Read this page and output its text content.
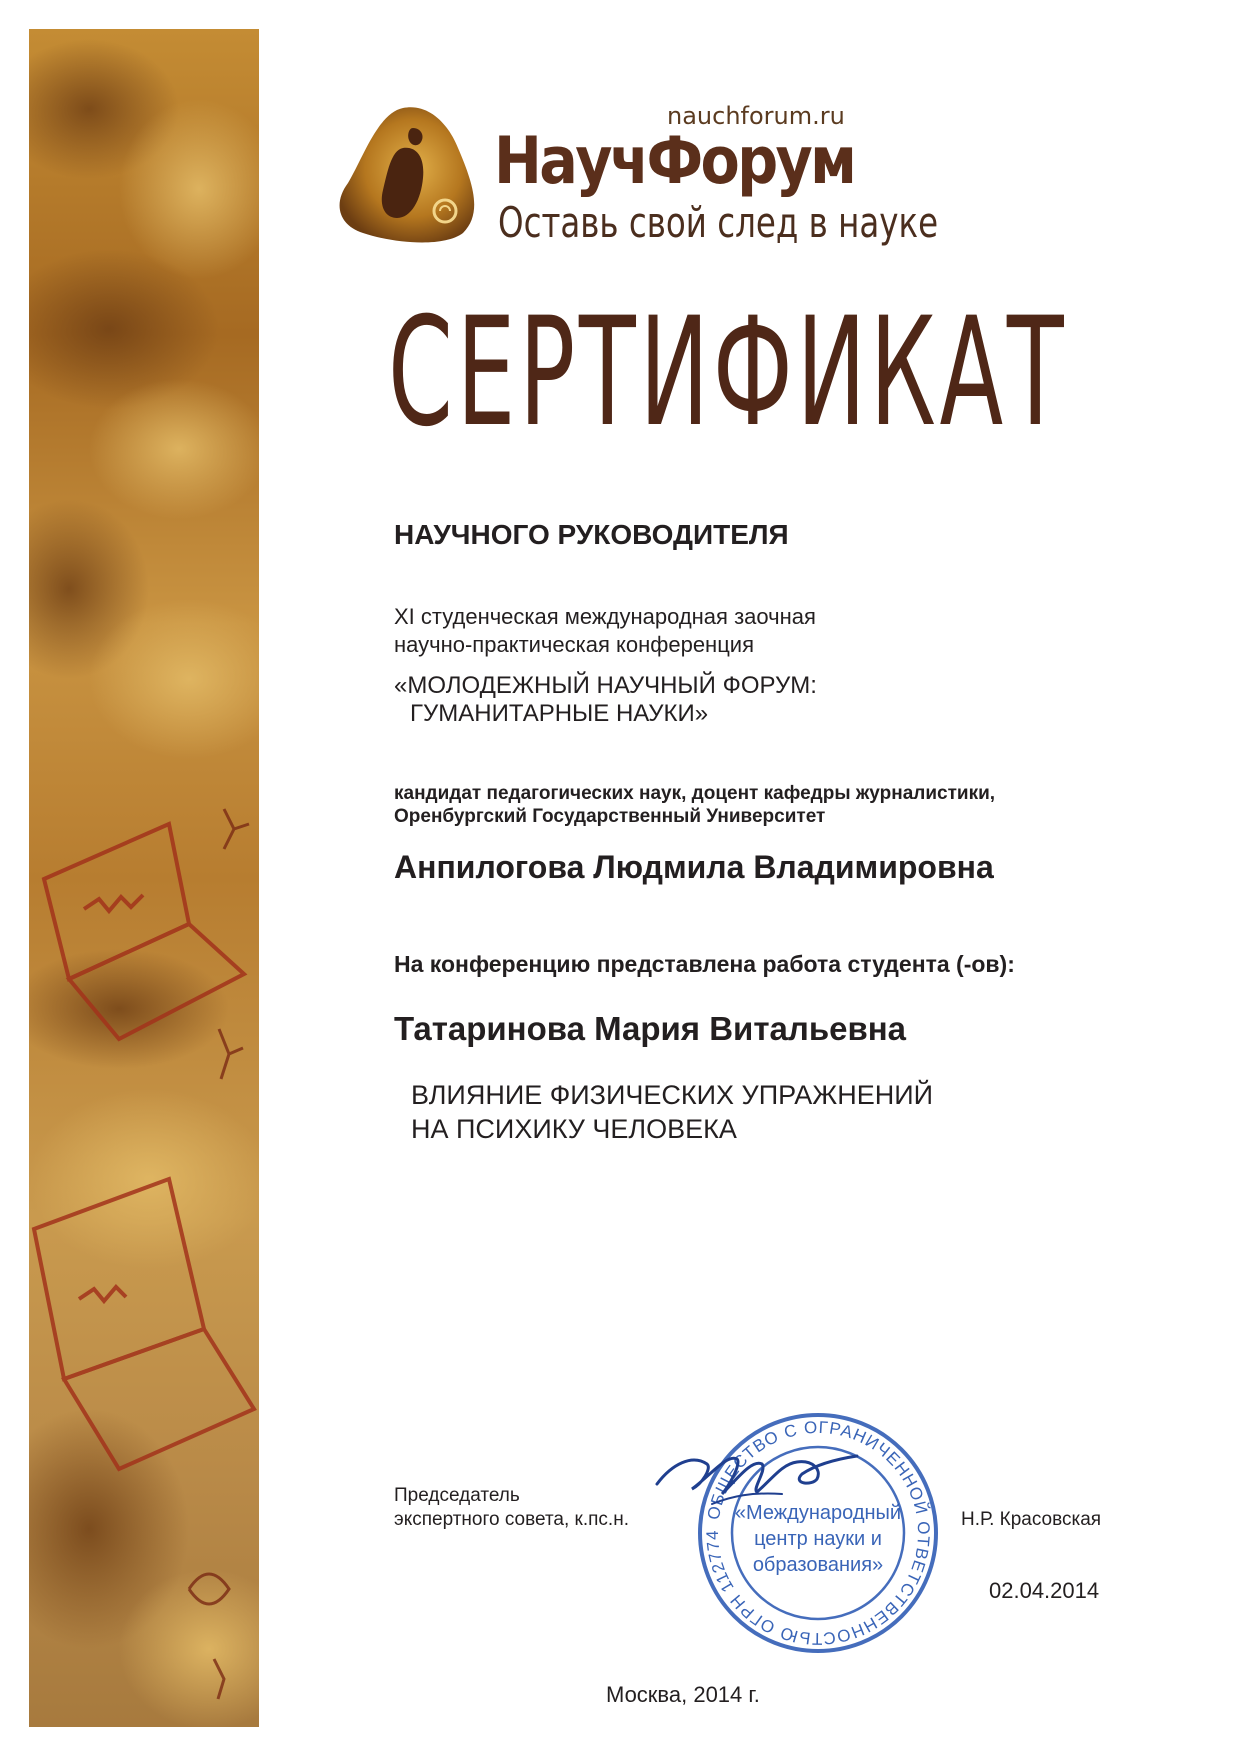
nauchforum.ru
НаучФорум
Оставь свой след в науке
СЕРТИФИКАТ
НАУЧНОГО РУКОВОДИТЕЛЯ
XI студенческая международная заочная
научно-практическая конференция
«МОЛОДЕЖНЫЙ НАУЧНЫЙ ФОРУМ:
ГУМАНИТАРНЫЕ НАУКИ»
кандидат педагогических наук, доцент кафедры журналистики,
Оренбургский Государственный Университет
Анпилогова Людмила Владимировна
На конференцию представлена работа студента (-ов):
Татаринова Мария Витальевна
ВЛИЯНИЕ ФИЗИЧЕСКИХ УПРАЖНЕНИЙ
НА ПСИХИКУ ЧЕЛОВЕКА
Председатель
экспертного совета, к.пс.н.	Н.Р. Красовская
02.04.2014
Москва, 2014 г.
ОБЩЕСТВО С ОГРАНИЧЕННОЙ ОТВЕТСТВЕННОСТЬЮ ОГРН 112774
«Международный
центр науки и
образования»
